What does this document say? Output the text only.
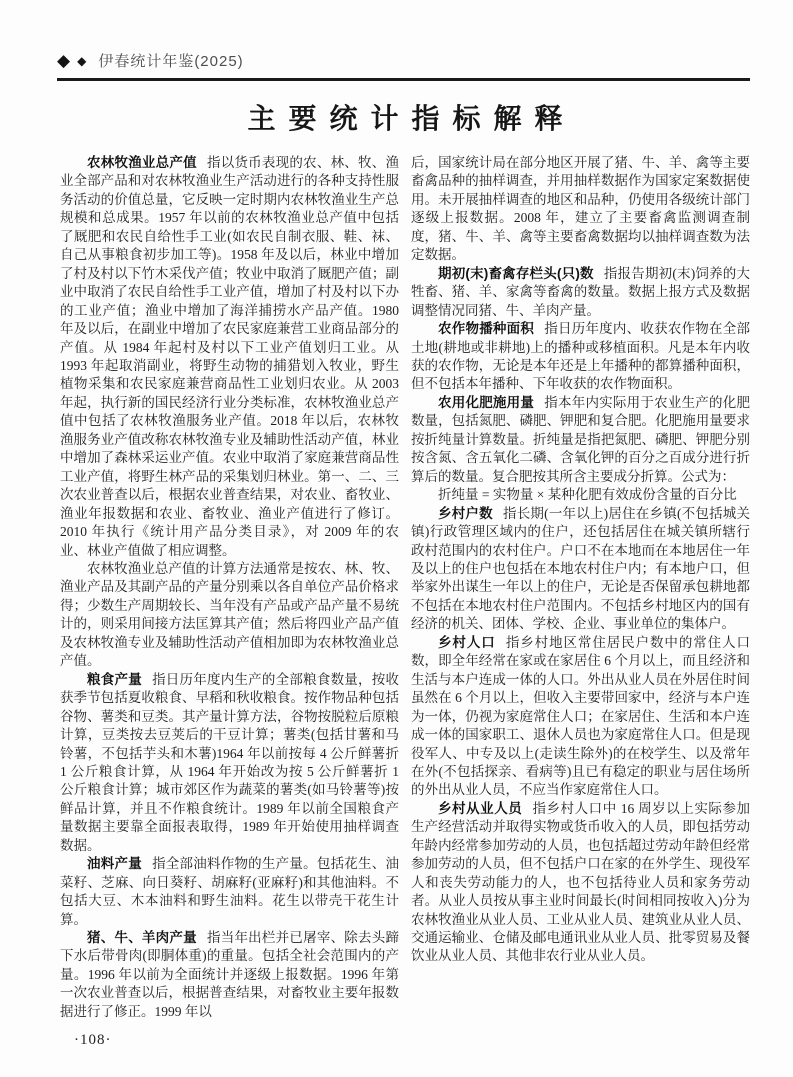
◆ ◆ 伊春统计年鉴(2025)
主要统计指标解释

农林牧渔业总产值 指以货币表现的农、林、牧、渔业全部产品和对农林牧渔业生产活动进行的各种支持性服务活动的价值总量，它反映一定时期内农林牧渔业生产总规模和总成果。1957 年以前的农林牧渔业总产值中包括了厩肥和农民自给性手工业(如农民自制衣服、鞋、袜、自己从事粮食初步加工等)。1958 年及以后，林业中增加了村及村以下竹木采伐产值；牧业中取消了厩肥产值；副业中取消了农民自给性手工业产值，增加了村及村以下办的工业产值；渔业中增加了海洋捕捞水产品产值。1980 年及以后，在副业中增加了农民家庭兼营工业商品部分的产值。从 1984 年起村及村以下工业产值划归工业。从 1993 年起取消副业，将野生动物的捕猎划入牧业，野生植物采集和农民家庭兼营商品性工业划归农业。从 2003 年起，执行新的国民经济行业分类标准，农林牧渔业总产值中包括了农林牧渔服务业产值。2018 年以后，农林牧渔服务业产值改称农林牧渔专业及辅助性活动产值，林业中增加了森林采运业产值。农业中取消了家庭兼营商品性工业产值，将野生林产品的采集划归林业。第一、二、三次农业普查以后，根据农业普查结果，对农业、畜牧业、渔业年报数据和农业、畜牧业、渔业产值进行了修订。2010 年执行《统计用产品分类目录》，对 2009 年的农业、林业产值做了相应调整。

农林牧渔业总产值的计算方法通常是按农、林、牧、渔业产品及其副产品的产量分别乘以各自单位产品价格求得；少数生产周期较长、当年没有产品或产品产量不易统计的，则采用间接方法匡算其产值；然后将四业产品产值及农林牧渔专业及辅助性活动产值相加即为农林牧渔业总产值。

粮食产量 指日历年度内生产的全部粮食数量，按收获季节包括夏收粮食、早稻和秋收粮食。按作物品种包括谷物、薯类和豆类。其产量计算方法，谷物按脱粒后原粮计算，豆类按去豆荚后的干豆计算；薯类(包括甘薯和马铃薯，不包括芋头和木薯)1964 年以前按每 4 公斤鲜薯折 1 公斤粮食计算，从 1964 年开始改为按 5 公斤鲜薯折 1 公斤粮食计算；城市郊区作为蔬菜的薯类(如马铃薯等)按鲜品计算，并且不作粮食统计。1989 年以前全国粮食产量数据主要靠全面报表取得，1989 年开始使用抽样调查数据。

油料产量 指全部油料作物的生产量。包括花生、油菜籽、芝麻、向日葵籽、胡麻籽(亚麻籽)和其他油料。不包括大豆、木本油料和野生油料。花生以带壳干花生计算。

猪、牛、羊肉产量 指当年出栏并已屠宰、除去头蹄下水后带骨肉(即胴体重)的重量。包括全社会范围内的产量。1996 年以前为全面统计并逐级上报数据。1996 年第一次农业普查以后，根据普查结果，对畜牧业主要年报数据进行了修正。1999 年以

后，国家统计局在部分地区开展了猪、牛、羊、禽等主要畜禽品种的抽样调查，并用抽样数据作为国家定案数据使用。未开展抽样调查的地区和品种，仍使用各级统计部门逐级上报数据。2008 年，建立了主要畜禽监测调查制度，猪、牛、羊、禽等主要畜禽数据均以抽样调查数为法定数据。

期初(末)畜禽存栏头(只)数 指报告期初(末)饲养的大牲畜、猪、羊、家禽等畜禽的数量。数据上报方式及数据调整情况同猪、牛、羊肉产量。

农作物播种面积 指日历年度内、收获农作物在全部土地(耕地或非耕地)上的播种或移植面积。凡是本年内收获的农作物，无论是本年还是上年播种的都算播种面积，但不包括本年播种、下年收获的农作物面积。

农用化肥施用量 指本年内实际用于农业生产的化肥数量，包括氮肥、磷肥、钾肥和复合肥。化肥施用量要求按折纯量计算数量。折纯量是指把氮肥、磷肥、钾肥分别按含氮、含五氧化二磷、含氧化钾的百分之百成分进行折算后的数量。复合肥按其所含主要成分折算。公式为：

折纯量 = 实物量 × 某种化肥有效成份含量的百分比

乡村户数 指长期(一年以上)居住在乡镇(不包括城关镇)行政管理区域内的住户，还包括居住在城关镇所辖行政村范围内的农村住户。户口不在本地而在本地居住一年及以上的住户也包括在本地农村住户内；有本地户口，但举家外出谋生一年以上的住户，无论是否保留承包耕地都不包括在本地农村住户范围内。不包括乡村地区内的国有经济的机关、团体、学校、企业、事业单位的集体户。

乡村人口 指乡村地区常住居民户数中的常住人口数，即全年经常在家或在家居住 6 个月以上，而且经济和生活与本户连成一体的人口。外出从业人员在外居住时间虽然在 6 个月以上，但收入主要带回家中，经济与本户连为一体，仍视为家庭常住人口；在家居住、生活和本户连成一体的国家职工、退休人员也为家庭常住人口。但是现役军人、中专及以上(走读生除外)的在校学生、以及常年在外(不包括探亲、看病等)且已有稳定的职业与居住场所的外出从业人员，不应当作家庭常住人口。

乡村从业人员 指乡村人口中 16 周岁以上实际参加生产经营活动并取得实物或货币收入的人员，即包括劳动年龄内经常参加劳动的人员，也包括超过劳动年龄但经常参加劳动的人员，但不包括户口在家的在外学生、现役军人和丧失劳动能力的人，也不包括待业人员和家务劳动者。从业人员按从事主业时间最长(时间相同按收入)分为农林牧渔业从业人员、工业从业人员、建筑业从业人员、交通运输业、仓储及邮电通讯业从业人员、批零贸易及餐饮业从业人员、其他非农行业从业人员。

·108·
